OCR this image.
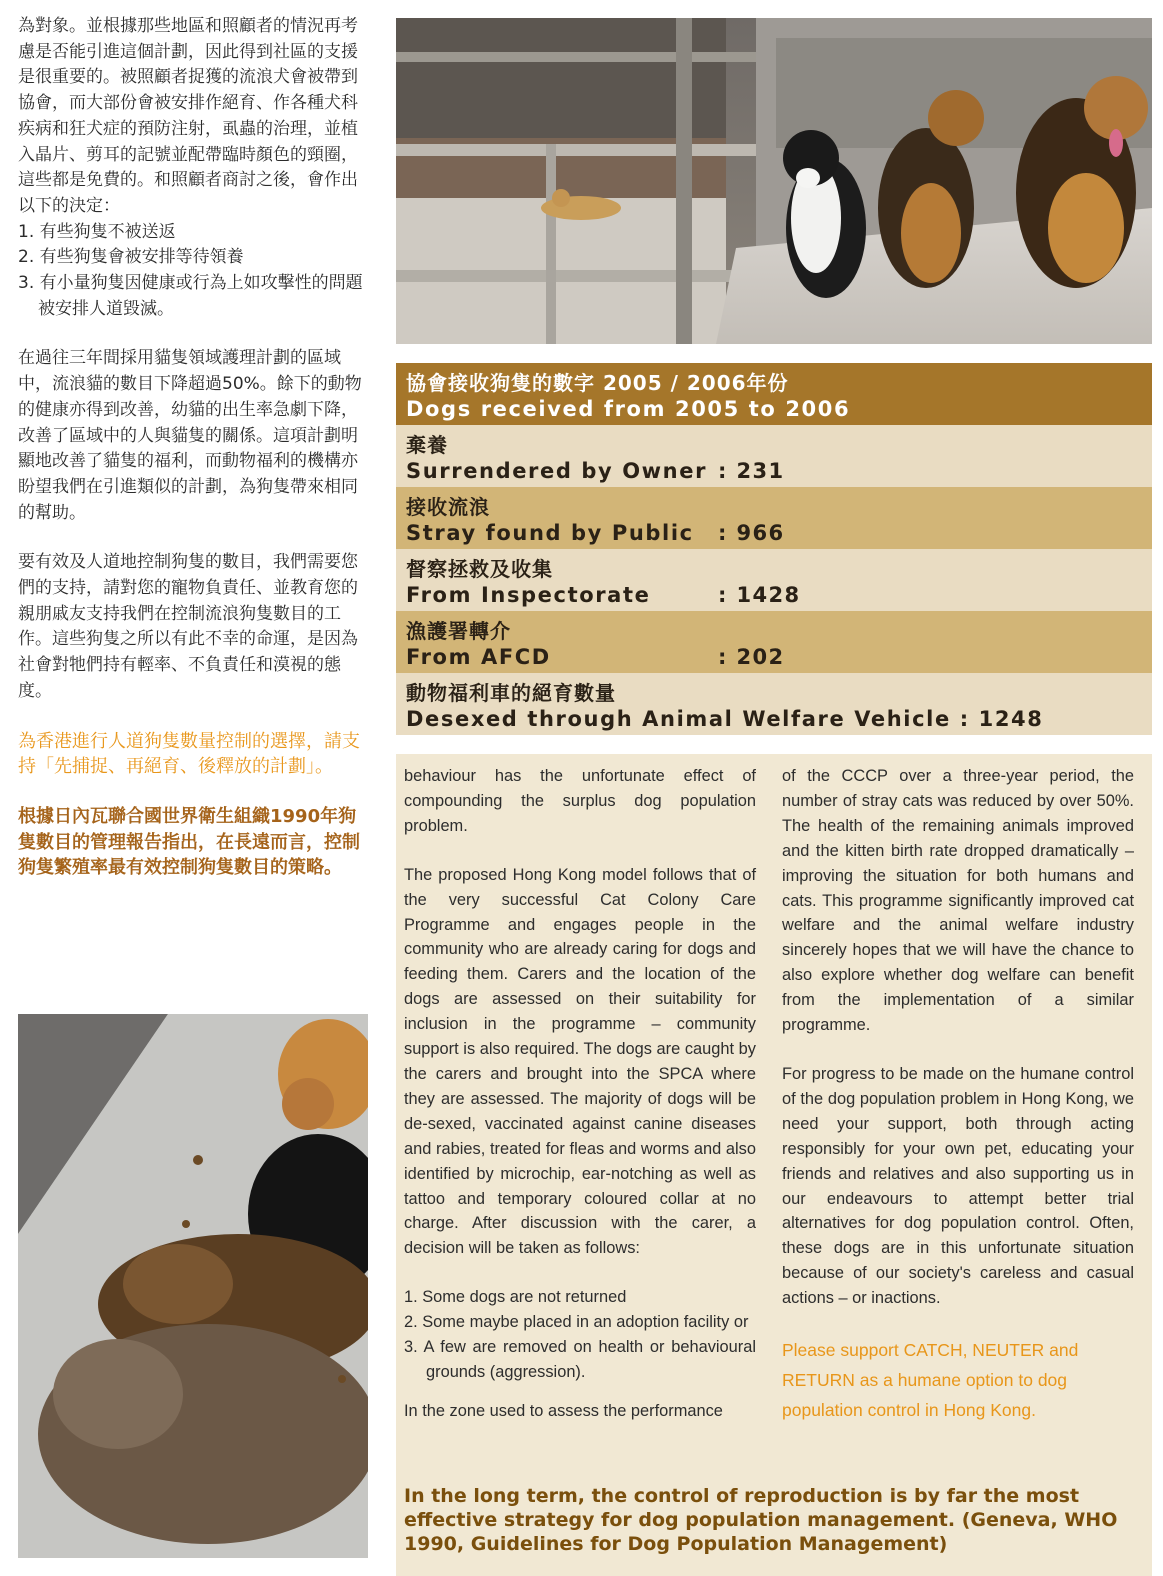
為對象。並根據那些地區和照顧者的情況再考慮是否能引進這個計劃，因此得到社區的支援是很重要的。被照顧者捉獲的流浪犬會被帶到協會，而大部份會被安排作絕育、作各種犬科疾病和狂犬症的預防注射，虱蟲的治理，並植入晶片、剪耳的記號並配帶臨時顏色的頸圈，這些都是免費的。和照顧者商討之後，會作出以下的決定：

1. 有些狗隻不被送返
2. 有些狗隻會被安排等待領養
3. 有小量狗隻因健康或行為上如攻擊性的問題被安排人道毀滅。

在過往三年間採用貓隻領域護理計劃的區域中，流浪貓的數目下降超過50%。餘下的動物的健康亦得到改善，幼貓的出生率急劇下降，改善了區域中的人與貓隻的關係。這項計劃明顯地改善了貓隻的福利，而動物福利的機構亦盼望我們在引進類似的計劃，為狗隻帶來相同的幫助。

要有效及人道地控制狗隻的數目，我們需要您們的支持，請對您的寵物負責任、並教育您的親朋戚友支持我們在控制流浪狗隻數目的工作。這些狗隻之所以有此不幸的命運，是因為社會對牠們持有輕率、不負責任和漠視的態度。

為香港進行人道狗隻數量控制的選擇，請支持「先捕捉、再絕育、後釋放的計劃」。

根據日內瓦聯合國世界衛生組織1990年狗隻數目的管理報告指出，在長遠而言，控制狗隻繁殖率最有效控制狗隻數目的策略。

協會接收狗隻的數字 2005 / 2006年份
Dogs received from 2005 to 2006
棄養
Surrendered by Owner : 231
接收流浪
Stray found by Public : 966
督察拯救及收集
From Inspectorate	: 1428
漁護署轉介
From AFCD	: 202
動物福利車的絕育數量
Desexed through Animal Welfare Vehicle : 1248

behaviour has the unfortunate effect of compounding the surplus dog population problem.

The proposed Hong Kong model follows that of the very successful Cat Colony Care Programme and engages people in the community who are already caring for dogs and feeding them. Carers and the location of the dogs are assessed on their suitability for inclusion in the programme – community support is also required. The dogs are caught by the carers and brought into the SPCA where they are assessed. The majority of dogs will be de-sexed, vaccinated against canine diseases and rabies, treated for fleas and worms and also identified by microchip, ear-notching as well as tattoo and temporary coloured collar at no charge. After discussion with the carer, a decision will be taken as follows:

1. Some dogs are not returned
2. Some maybe placed in an adoption facility or
3. A few are removed on health or behavioural grounds (aggression).

In the zone used to assess the performance

of the CCCP over a three-year period, the number of stray cats was reduced by over 50%. The health of the remaining animals improved and the kitten birth rate dropped dramatically – improving the situation for both humans and cats. This programme significantly improved cat welfare and the animal welfare industry sincerely hopes that we will have the chance to also explore whether dog welfare can benefit from the implementation of a similar programme.

For progress to be made on the humane control of the dog population problem in Hong Kong, we need your support, both through acting responsibly for your own pet, educating your friends and relatives and also supporting us in our endeavours to attempt better trial alternatives for dog population control. Often, these dogs are in this unfortunate situation because of our society's careless and casual actions – or inactions.

Please support CATCH, NEUTER and RETURN as a humane option to dog population control in Hong Kong.

In the long term, the control of reproduction is by far the most effective strategy for dog population management. (Geneva, WHO 1990, Guidelines for Dog Population Management)
